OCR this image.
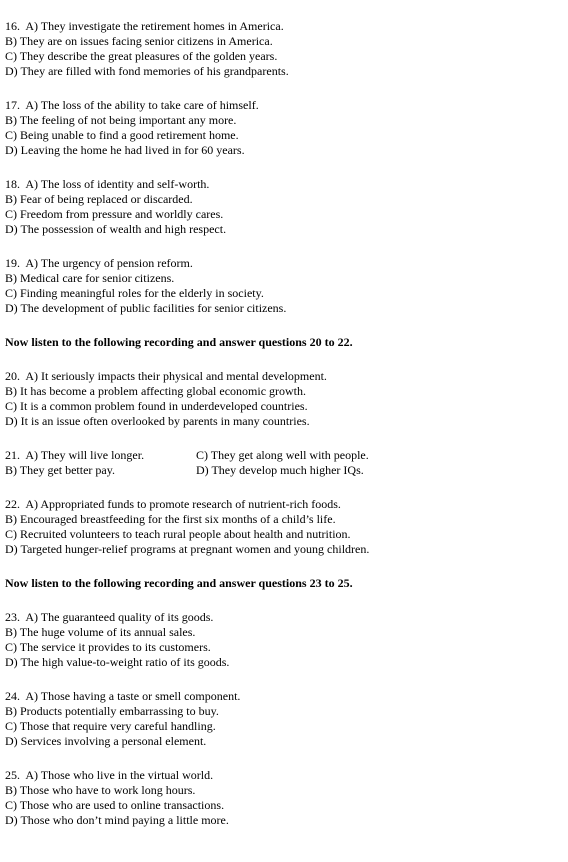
16.  A) They investigate the retirement homes in America.
B) They are on issues facing senior citizens in America.
C) They describe the great pleasures of the golden years.
D) They are filled with fond memories of his grandparents.
17.  A) The loss of the ability to take care of himself.
B) The feeling of not being important any more.
C) Being unable to find a good retirement home.
D) Leaving the home he had lived in for 60 years.
18.  A) The loss of identity and self-worth.
B) Fear of being replaced or discarded.
C) Freedom from pressure and worldly cares.
D) The possession of wealth and high respect.
19.  A) The urgency of pension reform.
B) Medical care for senior citizens.
C) Finding meaningful roles for the elderly in society.
D) The development of public facilities for senior citizens.
Now listen to the following recording and answer questions 20 to 22.
20.  A) It seriously impacts their physical and mental development.
B) It has become a problem affecting global economic growth.
C) It is a common problem found in underdeveloped countries.
D) It is an issue often overlooked by parents in many countries.
21.  A) They will live longer.	C) They get along well with people.
B) They get better pay.	D) They develop much higher IQs.
22.  A) Appropriated funds to promote research of nutrient-rich foods.
B) Encouraged breastfeeding for the first six months of a child’s life.
C) Recruited volunteers to teach rural people about health and nutrition.
D) Targeted hunger-relief programs at pregnant women and young children.
Now listen to the following recording and answer questions 23 to 25.
23.  A) The guaranteed quality of its goods.
B) The huge volume of its annual sales.
C) The service it provides to its customers.
D) The high value-to-weight ratio of its goods.
24.  A) Those having a taste or smell component.
B) Products potentially embarrassing to buy.
C) Those that require very careful handling.
D) Services involving a personal element.
25.  A) Those who live in the virtual world.
B) Those who have to work long hours.
C) Those who are used to online transactions.
D) Those who don’t mind paying a little more.
